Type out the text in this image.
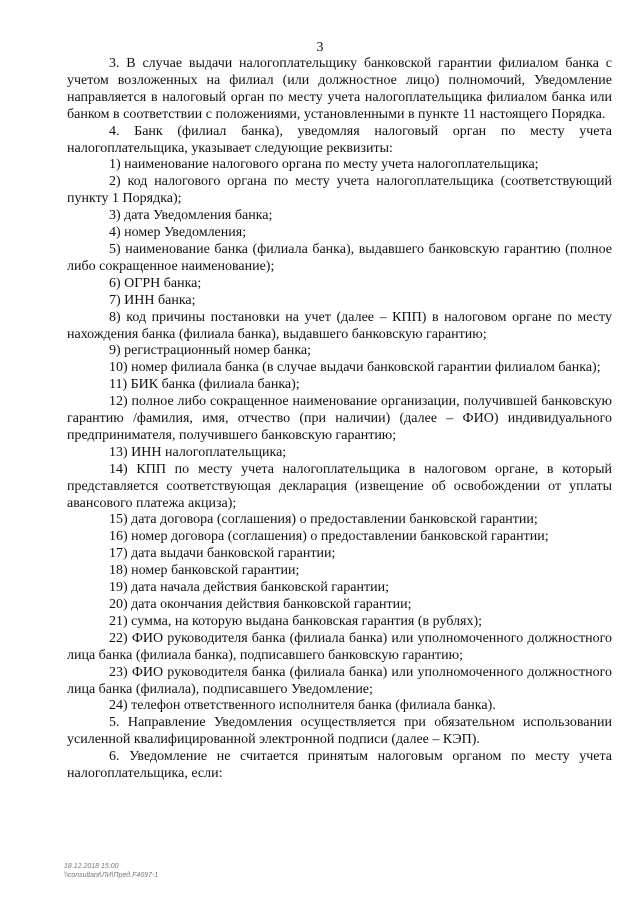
3

3. В случае выдачи налогоплательщику банковской гарантии филиалом банка с учетом возложенных на филиал (или должностное лицо) полномочий, Уведомление направляется в налоговый орган по месту учета налогоплательщика филиалом банка или банком в соответствии с положениями, установленными в пункте 11 настоящего Порядка.

4. Банк (филиал банка), уведомляя налоговый орган по месту учета налогоплательщика, указывает следующие реквизиты:

1) наименование налогового органа по месту учета налогоплательщика;

2) код налогового органа по месту учета налогоплательщика (соответствующий пункту 1 Порядка);

3) дата Уведомления банка;

4) номер Уведомления;

5) наименование банка (филиала банка), выдавшего банковскую гарантию (полное либо сокращенное наименование);

6) ОГРН банка;

7) ИНН банка;

8) код причины постановки на учет (далее – КПП) в налоговом органе по месту нахождения банка (филиала банка), выдавшего банковскую гарантию;

9) регистрационный номер банка;

10) номер филиала банка (в случае выдачи банковской гарантии филиалом банка);

11) БИК банка (филиала банка);

12) полное либо сокращенное наименование организации, получившей банковскую гарантию /фамилия, имя, отчество (при наличии) (далее – ФИО) индивидуального предпринимателя, получившего банковскую гарантию;

13) ИНН налогоплательщика;

14) КПП по месту учета налогоплательщика в налоговом органе, в который представляется соответствующая декларация (извещение об освобождении от уплаты авансового платежа акциза);

15) дата договора (соглашения) о предоставлении банковской гарантии;

16) номер договора (соглашения) о предоставлении банковской гарантии;

17) дата выдачи банковской гарантии;

18) номер банковской гарантии;

19) дата начала действия банковской гарантии;

20) дата окончания действия банковской гарантии;

21) сумма, на которую выдана банковская гарантия (в рублях);

22) ФИО руководителя банка (филиала банка) или уполномоченного должностного лица банка (филиала банка), подписавшего банковскую гарантию;

23) ФИО руководителя банка (филиала банка) или уполномоченного должностного лица банка (филиала), подписавшего Уведомление;

24) телефон ответственного исполнителя банка (филиала банка).

5. Направление Уведомления осуществляется при обязательном использовании усиленной квалифицированной электронной подписи (далее – КЭП).

6. Уведомление не считается принятым налоговым органом по месту учета налогоплательщика, если:

18.12.2018 15:00
\\consultant\ЛИ\Пред.F4697-1
